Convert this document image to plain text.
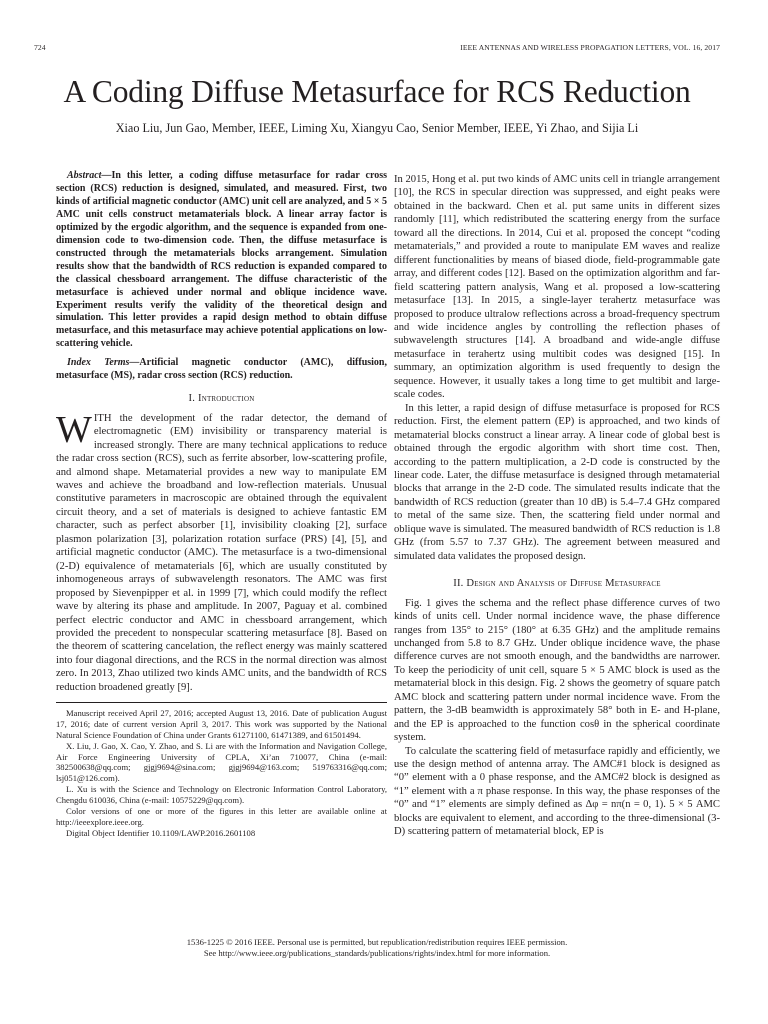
724	IEEE ANTENNAS AND WIRELESS PROPAGATION LETTERS, VOL. 16, 2017
A Coding Diffuse Metasurface for RCS Reduction
Xiao Liu, Jun Gao, Member, IEEE, Liming Xu, Xiangyu Cao, Senior Member, IEEE, Yi Zhao, and Sijia Li

Abstract—In this letter, a coding diffuse metasurface for radar cross section (RCS) reduction is designed, simulated, and measured. First, two kinds of artificial magnetic conductor (AMC) unit cell are analyzed, and 5 × 5 AMC unit cells construct metamaterials block. A linear array factor is optimized by the ergodic algorithm, and the sequence is expanded from one-dimension code to two-dimension code. Then, the diffuse metasurface is constructed through the metamaterials blocks arrangement. Simulation results show that the bandwidth of RCS reduction is expanded compared to the classical chessboard arrangement. The diffuse characteristic of the metasurface is achieved under normal and oblique incidence wave. Experiment results verify the validity of the theoretical design and simulation. This letter provides a rapid design method to obtain diffuse metasurface, and this metasurface may achieve potential applications on low-scattering vehicle.

Index Terms—Artificial magnetic conductor (AMC), diffusion, metasurface (MS), radar cross section (RCS) reduction.

I. Introduction

WITH the development of the radar detector, the demand of electromagnetic (EM) invisibility or transparency material is increased strongly. There are many technical applications to reduce the radar cross section (RCS), such as ferrite absorber, low-scattering profile, and almond shape. Metamaterial provides a new way to manipulate EM waves and achieve the broadband and low-reflection materials. Unusual constitutive parameters in macroscopic are obtained through the equivalent circuit theory, and a set of materials is designed to achieve fantastic EM character, such as perfect absorber [1], invisibility cloaking [2], surface plasmon polarization [3], polarization rotation surface (PRS) [4], [5], and artificial magnetic conductor (AMC). The metasurface is a two-dimensional (2-D) equivalence of metamaterials [6], which are usually constituted by inhomogeneous arrays of subwavelength resonators. The AMC was first proposed by Sievenpipper et al. in 1999 [7], which could modify the reflect wave by altering its phase and amplitude. In 2007, Paguay et al. combined perfect electric conductor and AMC in chessboard arrangement, which provided the precedent to nonspecular scattering metasurface [8]. Based on the theorem of scattering cancelation, the reflect energy was mainly scattered into four diagonal directions, and the RCS in the normal direction was almost zero. In 2013, Zhao utilized two kinds AMC units, and the bandwidth of RCS reduction broadened greatly [9].

Manuscript received April 27, 2016; accepted August 13, 2016. Date of publication August 17, 2016; date of current version April 3, 2017. This work was supported by the National Natural Science Foundation of China under Grants 61271100, 61471389, and 61501494.

X. Liu, J. Gao, X. Cao, Y. Zhao, and S. Li are with the Information and Navigation College, Air Force Engineering University of CPLA, Xi’an 710077, China (e-mail: 382500638@qq.com; gjgj9694@sina.com; gjgj9694@163.com; 519763316@qq.com; lsj051@126.com).

L. Xu is with the Science and Technology on Electronic Information Control Laboratory, Chengdu 610036, China (e-mail: 10575229@qq.com).

Color versions of one or more of the figures in this letter are available online at http://ieeexplore.ieee.org.

Digital Object Identifier 10.1109/LAWP.2016.2601108

In 2015, Hong et al. put two kinds of AMC units cell in triangle arrangement [10], the RCS in specular direction was suppressed, and eight peaks were obtained in the backward. Chen et al. put same units in different sizes randomly [11], which redistributed the scattering energy from the surface toward all the directions. In 2014, Cui et al. proposed the concept “coding metamaterials,” and provided a route to manipulate EM waves and realize different functionalities by means of biased diode, field-programmable gate array, and different codes [12]. Based on the optimization algorithm and far-field scattering pattern analysis, Wang et al. proposed a low-scattering metasurface [13]. In 2015, a single-layer terahertz metasurface was proposed to produce ultralow reflections across a broad-frequency spectrum and wide incidence angles by controlling the reflection phases of subwavelength structures [14]. A broadband and wide-angle diffuse metasurface in terahertz using multibit codes was designed [15]. In summary, an optimization algorithm is used frequently to design the sequence. However, it usually takes a long time to get multibit and large-scale codes.

In this letter, a rapid design of diffuse metasurface is proposed for RCS reduction. First, the element pattern (EP) is approached, and two kinds of metamaterial blocks construct a linear array. A linear code of global best is obtained through the ergodic algorithm with short time cost. Then, according to the pattern multiplication, a 2-D code is constructed by the linear code. Later, the diffuse metasurface is designed through metamaterial blocks that arrange in the 2-D code. The simulated results indicate that the bandwidth of RCS reduction (greater than 10 dB) is 5.4–7.4 GHz compared to metal of the same size. Then, the scattering field under normal and oblique wave is simulated. The measured bandwidth of RCS reduction is 1.8 GHz (from 5.57 to 7.37 GHz). The agreement between measured and simulated data validates the proposed design.

II. Design and Analysis of Diffuse Metasurface

Fig. 1 gives the schema and the reflect phase difference curves of two kinds of units cell. Under normal incidence wave, the phase difference ranges from 135° to 215° (180° at 6.35 GHz) and the amplitude remains unchanged from 5.8 to 8.7 GHz. Under oblique incidence wave, the phase difference curves are not smooth enough, and the bandwidths are narrower. To keep the periodicity of unit cell, square 5 × 5 AMC block is used as the metamaterial block in this design. Fig. 2 shows the geometry of square patch AMC block and scattering pattern under normal incidence wave. From the pattern, the 3-dB beamwidth is approximately 58° both in E- and H-plane, and the EP is approached to the function cosθ in the spherical coordinate system.

To calculate the scattering field of metasurface rapidly and efficiently, we use the design method of antenna array. The AMC#1 block is designed as “0” element with a 0 phase response, and the AMC#2 block is designed as “1” element with a π phase response. In this way, the phase responses of the “0” and “1” elements are simply defined as Δφ = nπ(n = 0, 1). 5 × 5 AMC blocks are equivalent to element, and according to the three-dimensional (3-D) scattering pattern of metamaterial block, EP is

1536-1225 © 2016 IEEE. Personal use is permitted, but republication/redistribution requires IEEE permission.
See http://www.ieee.org/publications_standards/publications/rights/index.html for more information.
